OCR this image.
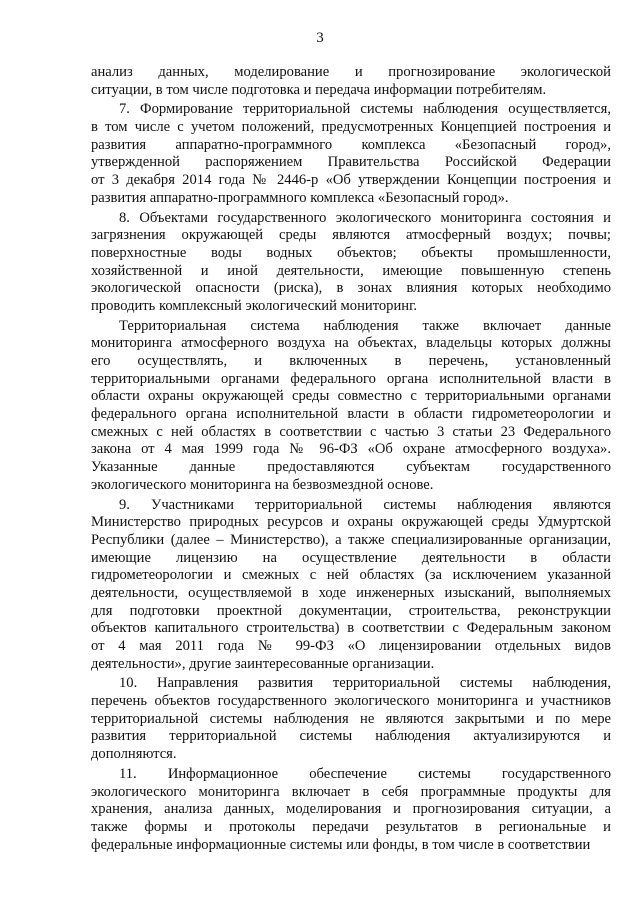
3
анализ данных, моделирование и прогнозирование экологической
ситуации, в том числе подготовка и передача информации потребителям.
7. Формирование территориальной системы наблюдения осуществляется,
в том числе с учетом положений, предусмотренных Концепцией построения и
развития аппаратно-программного комплекса «Безопасный город»,
утвержденной распоряжением Правительства Российской Федерации
от 3 декабря 2014 года № 2446-р «Об утверждении Концепции построения и
развития аппаратно-программного комплекса «Безопасный город».
8. Объектами государственного экологического мониторинга состояния и
загрязнения окружающей среды являются атмосферный воздух; почвы;
поверхностные воды водных объектов; объекты промышленности,
хозяйственной и иной деятельности, имеющие повышенную степень
экологической опасности (риска), в зонах влияния которых необходимо
проводить комплексный экологический мониторинг.
Территориальная система наблюдения также включает данные
мониторинга атмосферного воздуха на объектах, владельцы которых должны
его осуществлять, и включенных в перечень, установленный
территориальными органами федерального органа исполнительной власти в
области охраны окружающей среды совместно с территориальными органами
федерального органа исполнительной власти в области гидрометеорологии и
смежных с ней областях в соответствии с частью 3 статьи 23 Федерального
закона от 4 мая 1999 года № 96-ФЗ «Об охране атмосферного воздуха».
Указанные данные предоставляются субъектам государственного
экологического мониторинга на безвозмездной основе.
9. Участниками территориальной системы наблюдения являются
Министерство природных ресурсов и охраны окружающей среды Удмуртской
Республики (далее – Министерство), а также специализированные организации,
имеющие лицензию на осуществление деятельности в области
гидрометеорологии и смежных с ней областях (за исключением указанной
деятельности, осуществляемой в ходе инженерных изысканий, выполняемых
для подготовки проектной документации, строительства, реконструкции
объектов капитального строительства) в соответствии с Федеральным законом
от 4 мая 2011 года № 99-ФЗ «О лицензировании отдельных видов
деятельности», другие заинтересованные организации.
10. Направления развития территориальной системы наблюдения,
перечень объектов государственного экологического мониторинга и участников
территориальной системы наблюдения не являются закрытыми и по мере
развития территориальной системы наблюдения актуализируются и
дополняются.
11. Информационное обеспечение системы государственного
экологического мониторинга включает в себя программные продукты для
хранения, анализа данных, моделирования и прогнозирования ситуации, а
также формы и протоколы передачи результатов в региональные и
федеральные информационные системы или фонды, в том числе в соответствии
